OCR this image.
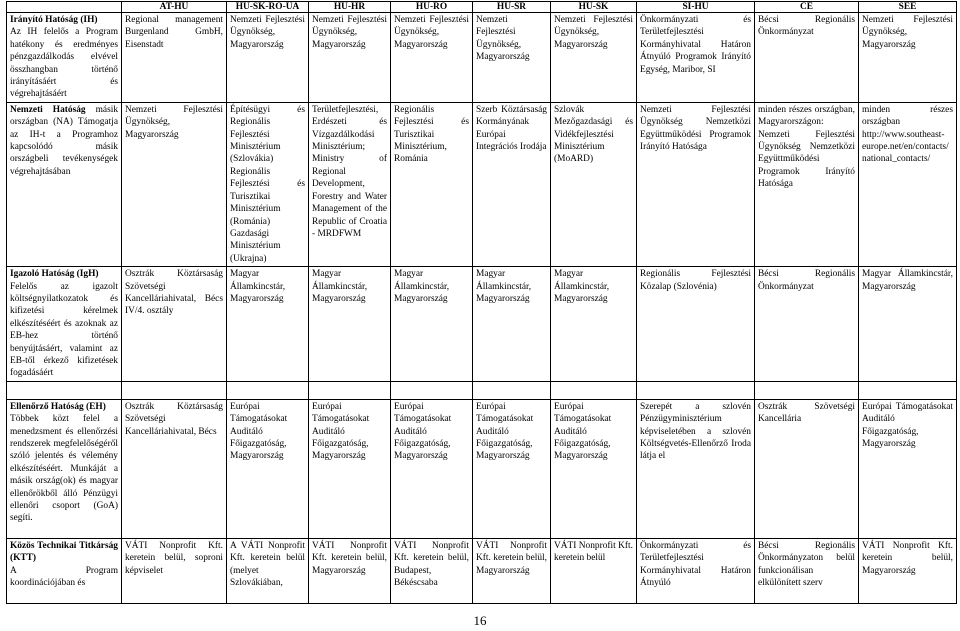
	AT-HU	HU-SK-RO-UA	HU-HR	HU-RO	HU-SR	HU-SK	SI-HU	CE	SEE
Irányító Hatóság (IH)
Az IH felelős a Program hatékony és eredményes pénzgazdálkodás elvével összhangban történő irányításáért és végrehajtásáért	Regional management Burgenland GmbH, Eisenstadt	Nemzeti Fejlesztési Ügynökség, Magyarország	Nemzeti Fejlesztési Ügynökség, Magyarország	Nemzeti Fejlesztési Ügynökség, Magyarország	Nemzeti Fejlesztési Ügynökség, Magyarország	Nemzeti Fejlesztési Ügynökség, Magyarország	Önkormányzati és Területfejlesztési Kormányhivatal Határon Átnyúló Programok Irányító Egység, Maribor, SI	Bécsi Regionális Önkormányzat	Nemzeti Fejlesztési Ügynökség, Magyarország
Nemzeti Hatóság másik országban (NA) Támogatja az IH-t a Programhoz kapcsolódó másik országbeli tevékenységek végrehajtásában	Nemzeti Fejlesztési Ügynökség, Magyarország	Építésügyi és Regionális Fejlesztési Minisztérium (Szlovákia) Regionális Fejlesztési és Turisztikai Minisztérium (Románia) Gazdasági Minisztérium (Ukrajna)	Területfejlesztési, Erdészeti és Vízgazdálkodási Minisztérium; Ministry of Regional Development, Forestry and Water Management of the Republic of Croatia - MRDFWM	Regionális Fejlesztési és Turisztikai Minisztérium, Románia	Szerb Köztársaság Kormányának Európai Integrációs Irodája	Szlovák Mezőgazdasági és Vidékfejlesztési Minisztérium (MoARD)	Nemzeti Fejlesztési Ügynökség Nemzetközi Együttműködési Programok Irányító Hatósága	minden részes országban, Magyarországon: Nemzeti Fejlesztési Ügynökség Nemzetközi Együttműködési Programok Irányító Hatósága	minden részes országban http://www.southeast-europe.net/en/contacts/national_contacts/
Igazoló Hatóság (IgH)
Felelős az igazolt költségnyilatkozatok és kifizetési kérelmek elkészítéséért és azoknak az EB-hez történő benyújtásáért, valamint az EB-től érkező kifizetések fogadásáért	Osztrák Köztársaság Szövetségi Kancelláriahivatal, Bécs IV/4. osztály	Magyar Államkincstár, Magyarország	Magyar Államkincstár, Magyarország	Magyar Államkincstár, Magyarország	Magyar Államkincstár, Magyarország	Magyar Államkincstár, Magyarország	Regionális Fejlesztési Közalap (Szlovénia)	Bécsi Regionális Önkormányzat	Magyar Államkincstár, Magyarország

Ellenőrző Hatóság (EH)
Többek közt felel a menedzsment és ellenőrzési rendszerek megfelelőségéről szóló jelentés és vélemény elkészítéséért. Munkáját a másik ország(ok) és magyar ellenőrökből álló Pénzügyi ellenőri csoport (GoA) segíti.	Osztrák Köztársaság Szövetségi Kancelláriahivatal, Bécs	Európai Támogatásokat Auditáló Főigazgatóság, Magyarország	Európai Támogatásokat Auditáló Főigazgatóság, Magyarország	Európai Támogatásokat Auditáló Főigazgatóság, Magyarország	Európai Támogatásokat Auditáló Főigazgatóság, Magyarország	Európai Támogatásokat Auditáló Főigazgatóság, Magyarország	Szerepét a szlovén Pénzügyminisztérium képviseletében a szlovén Költségvetés-Ellenőrző Iroda látja el	Osztrák Szövetségi Kancellária	Európai Támogatásokat Auditáló Főigazgatóság, Magyarország
Közös Technikai Titkárság (KTT)
A Program koordinációjában és	VÁTI Nonprofit Kft. keretein belül, soproni képviselet	A VÁTI Nonprofit Kft. keretein belül (melyet Szlovákiában,	VÁTI Nonprofit Kft. keretein belül, Magyarország	VÁTI Nonprofit Kft. keretein belül, Budapest, Békéscsaba	VÁTI Nonprofit Kft. keretein belül, Magyarország	VÁTI Nonprofit Kft. keretein belül	Önkormányzati és Területfejlesztési Kormányhivatal Határon Átnyúló	Bécsi Regionális Önkormányzaton belül funkcionálisan elkülönített szerv	VÁTI Nonprofit Kft. keretein belül, Magyarország
16
